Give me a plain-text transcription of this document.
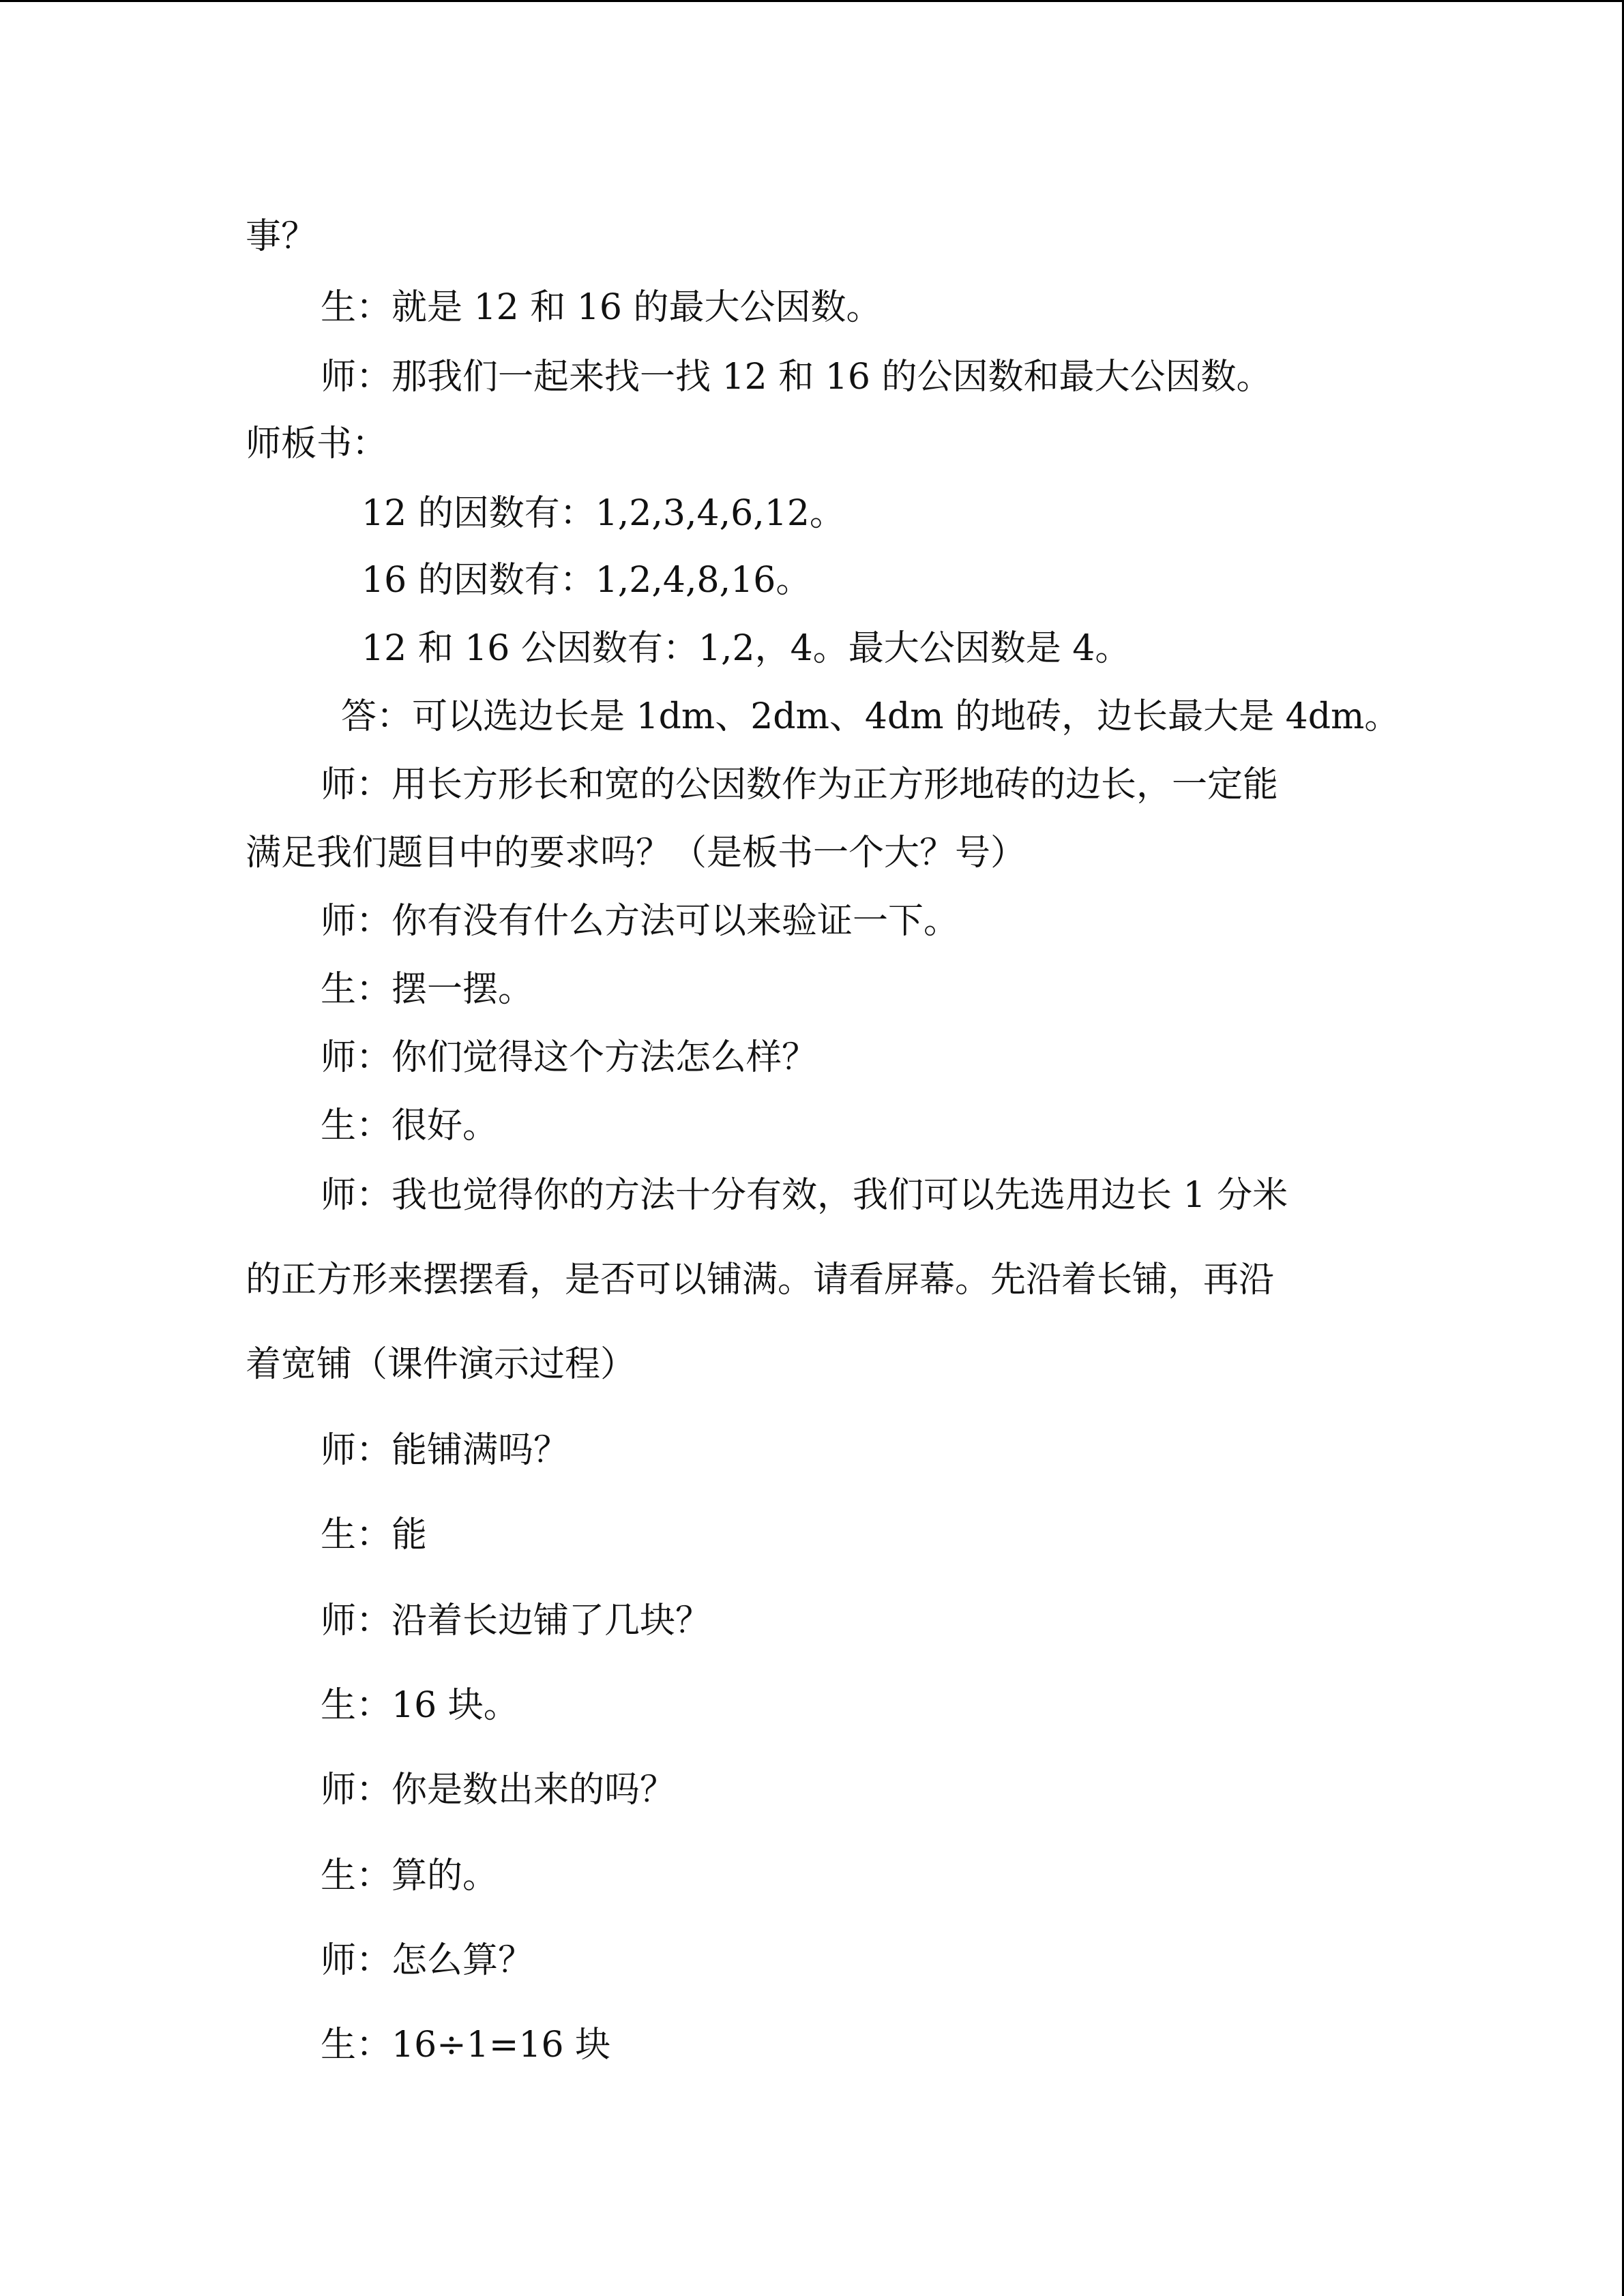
事？
生：就是 12 和 16 的最大公因数。
师：那我们一起来找一找 12 和 16 的公因数和最大公因数。
师板书：
12 的因数有：1,2,3,4,6,12。
16 的因数有：1,2,4,8,16。
12 和 16 公因数有：1,2，4。最大公因数是 4。
答：可以选边长是 1dm、2dm、4dm 的地砖，边长最大是 4dm。
师：用长方形长和宽的公因数作为正方形地砖的边长，一定能
满足我们题目中的要求吗？（是板书一个大？号）
师：你有没有什么方法可以来验证一下。
生：摆一摆。
师：你们觉得这个方法怎么样？
生：很好。
师：我也觉得你的方法十分有效，我们可以先选用边长 1 分米
的正方形来摆摆看，是否可以铺满。请看屏幕。先沿着长铺，再沿
着宽铺（课件演示过程）
师：能铺满吗？
生：能
师：沿着长边铺了几块？
生：16 块。
师：你是数出来的吗？
生：算的。
师：怎么算？
生：16÷1=16 块
